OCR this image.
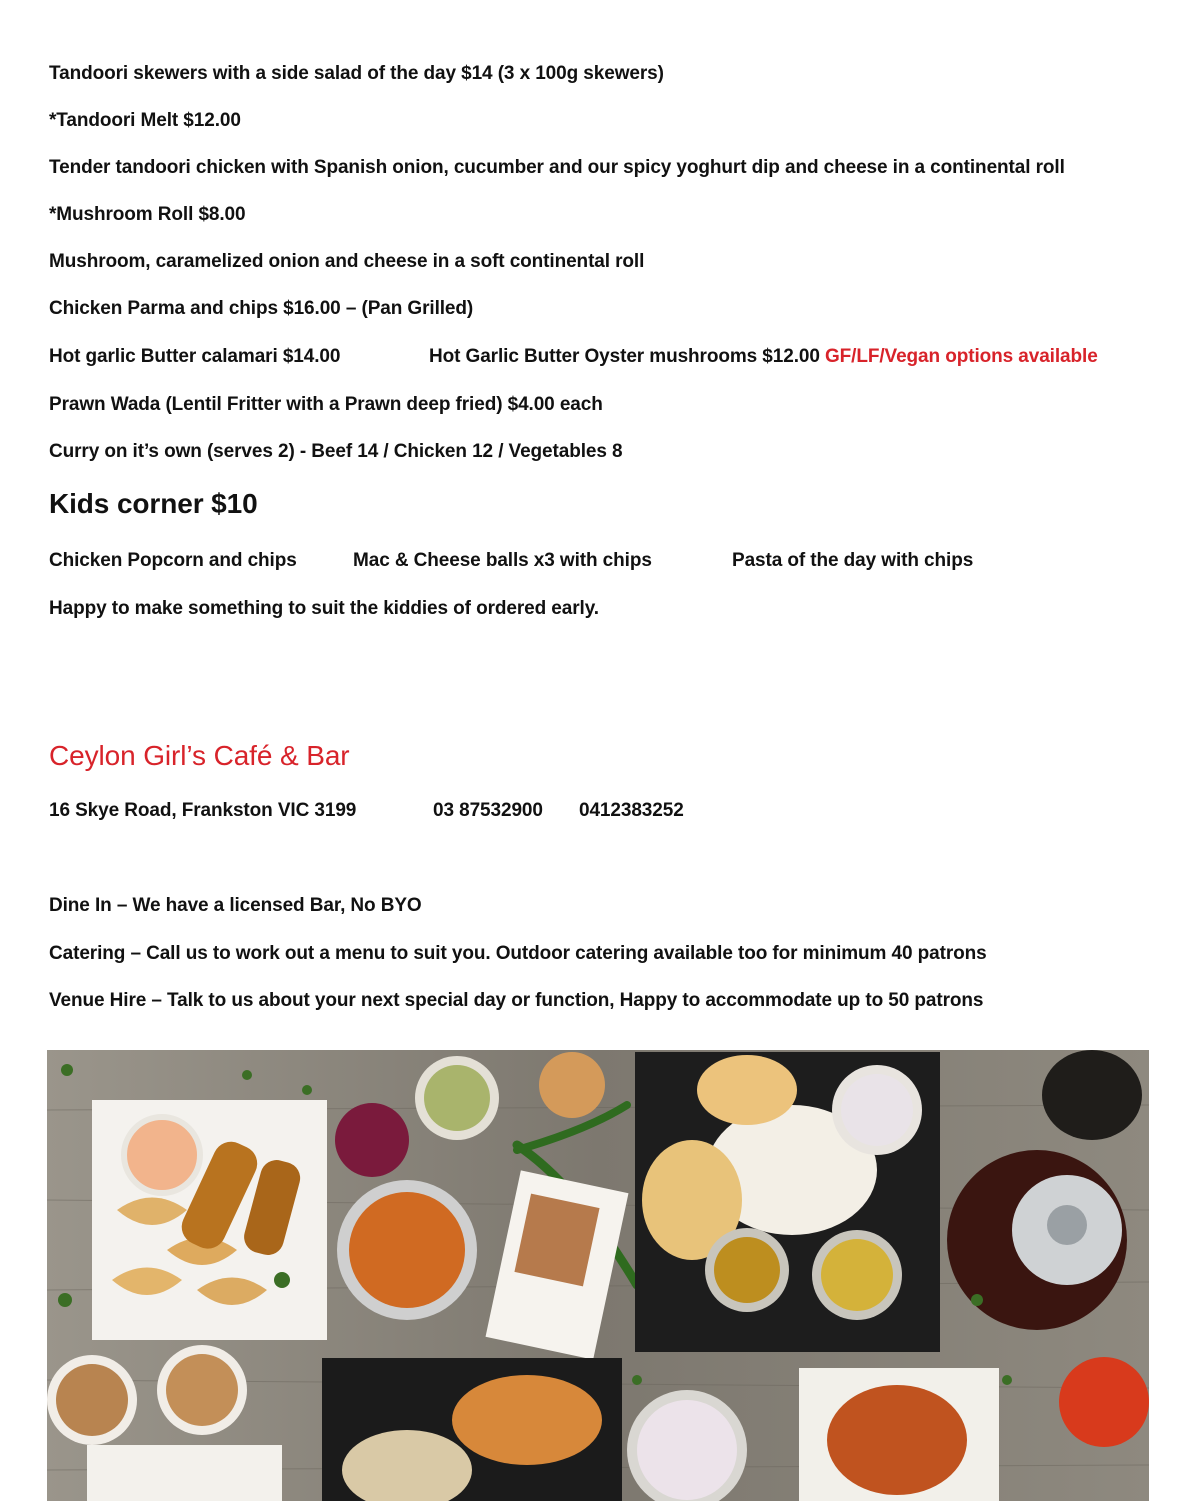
Tandoori skewers with a side salad of the day $14 (3 x 100g skewers)
*Tandoori Melt $12.00
Tender tandoori chicken with Spanish onion, cucumber and our spicy yoghurt dip and cheese in a continental roll
*Mushroom Roll $8.00
Mushroom, caramelized onion and cheese in a soft continental roll
Chicken Parma and chips $16.00 – (Pan Grilled)
Hot garlic Butter calamari $14.00	Hot Garlic Butter Oyster mushrooms $12.00 GF/LF/Vegan options available
Prawn Wada (Lentil Fritter with a Prawn deep fried) $4.00 each
Curry on it’s own (serves 2) - Beef 14 / Chicken 12 / Vegetables 8
Kids corner $10
Chicken Popcorn and chips	Mac & Cheese balls x3 with chips	Pasta of the day with chips
Happy to make something to suit the kiddies of ordered early.
Ceylon Girl’s Café & Bar
16 Skye Road, Frankston VIC 3199	03 87532900 0412383252
Dine In – We have a licensed Bar, No BYO
Catering – Call us to work out a menu to suit you. Outdoor catering available too for minimum 40 patrons
Venue Hire – Talk to us about your next special day or function, Happy to accommodate up to 50 patrons
